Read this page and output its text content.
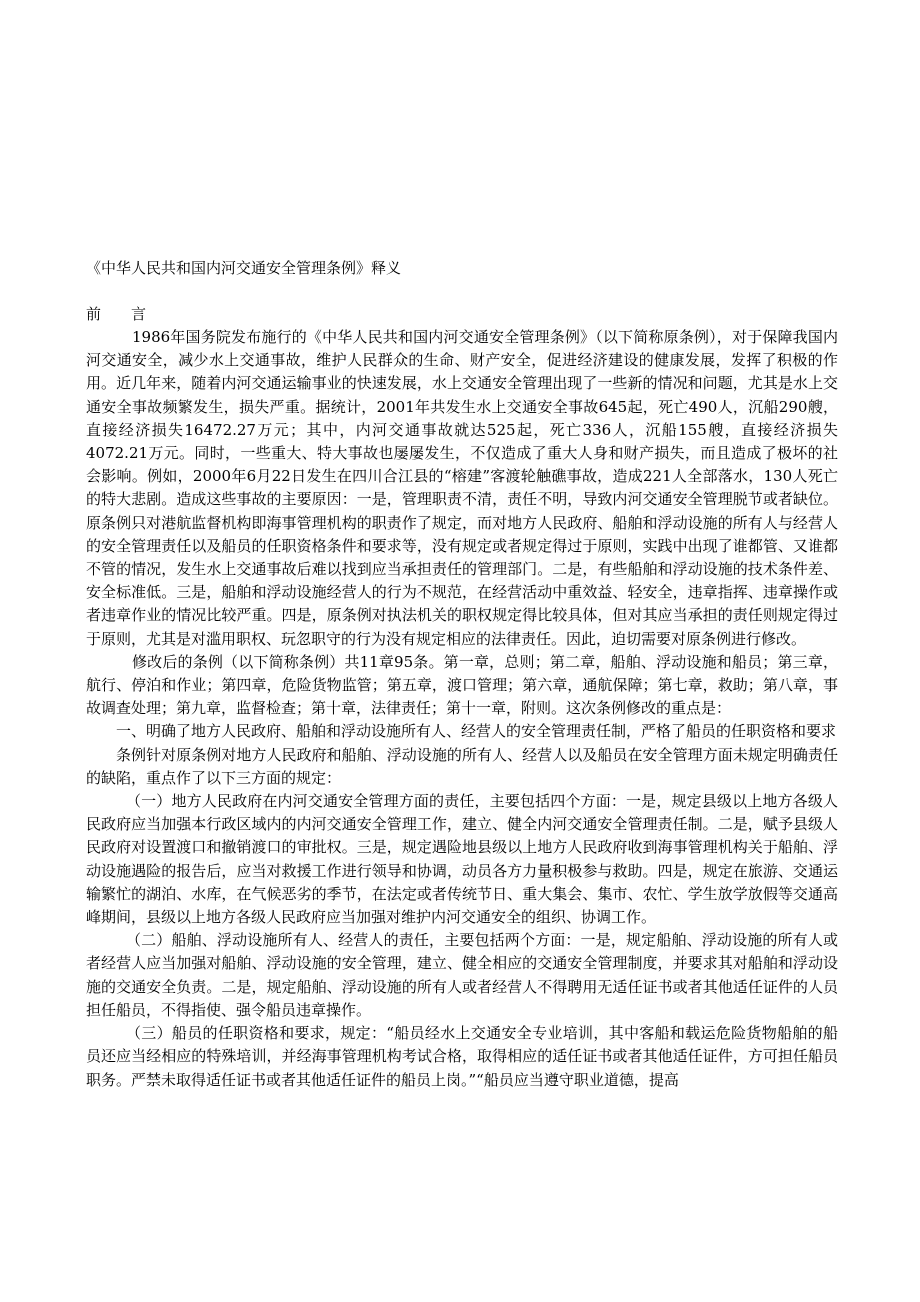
《中华人民共和国内河交通安全管理条例》释义
前 言

1986年国务院发布施行的《中华人民共和国内河交通安全管理条例》（以下简称原条例），对于保障我国内河交通安全，减少水上交通事故，维护人民群众的生命、财产安全，促进经济建设的健康发展，发挥了积极的作用。近几年来，随着内河交通运输事业的快速发展，水上交通安全管理出现了一些新的情况和问题，尤其是水上交通安全事故频繁发生，损失严重。据统计，2001年共发生水上交通安全事故645起，死亡490人，沉船290艘，直接经济损失16472.27万元；其中，内河交通事故就达525起，死亡336人，沉船155艘，直接经济损失4072.21万元。同时，一些重大、特大事故也屡屡发生，不仅造成了重大人身和财产损失，而且造成了极坏的社会影响。例如，2000年6月22日发生在四川合江县的“榕建”客渡轮触礁事故，造成221人全部落水，130人死亡的特大悲剧。造成这些事故的主要原因：一是，管理职责不清，责任不明，导致内河交通安全管理脱节或者缺位。原条例只对港航监督机构即海事管理机构的职责作了规定，而对地方人民政府、船舶和浮动设施的所有人与经营人的安全管理责任以及船员的任职资格条件和要求等，没有规定或者规定得过于原则，实践中出现了谁都管、又谁都不管的情况，发生水上交通事故后难以找到应当承担责任的管理部门。二是，有些船舶和浮动设施的技术条件差、安全标准低。三是，船舶和浮动设施经营人的行为不规范，在经营活动中重效益、轻安全，违章指挥、违章操作或者违章作业的情况比较严重。四是，原条例对执法机关的职权规定得比较具体，但对其应当承担的责任则规定得过于原则，尤其是对滥用职权、玩忽职守的行为没有规定相应的法律责任。因此，迫切需要对原条例进行修改。

修改后的条例（以下简称条例）共11章95条。第一章，总则；第二章，船舶、浮动设施和船员；第三章，航行、停泊和作业；第四章，危险货物监管；第五章，渡口管理；第六章，通航保障；第七章，救助；第八章，事故调查处理；第九章，监督检查；第十章，法律责任；第十一章，附则。这次条例修改的重点是：

一、明确了地方人民政府、船舶和浮动设施所有人、经营人的安全管理责任制，严格了船员的任职资格和要求

条例针对原条例对地方人民政府和船舶、浮动设施的所有人、经营人以及船员在安全管理方面未规定明确责任的缺陷，重点作了以下三方面的规定：

（一）地方人民政府在内河交通安全管理方面的责任，主要包括四个方面：一是，规定县级以上地方各级人民政府应当加强本行政区域内的内河交通安全管理工作，建立、健全内河交通安全管理责任制。二是，赋予县级人民政府对设置渡口和撤销渡口的审批权。三是，规定遇险地县级以上地方人民政府收到海事管理机构关于船舶、浮动设施遇险的报告后，应当对救援工作进行领导和协调，动员各方力量积极参与救助。四是，规定在旅游、交通运输繁忙的湖泊、水库，在气候恶劣的季节，在法定或者传统节日、重大集会、集市、农忙、学生放学放假等交通高峰期间，县级以上地方各级人民政府应当加强对维护内河交通安全的组织、协调工作。

（二）船舶、浮动设施所有人、经营人的责任，主要包括两个方面：一是，规定船舶、浮动设施的所有人或者经营人应当加强对船舶、浮动设施的安全管理，建立、健全相应的交通安全管理制度，并要求其对船舶和浮动设施的交通安全负责。二是，规定船舶、浮动设施的所有人或者经营人不得聘用无适任证书或者其他适任证件的人员担任船员，不得指使、强令船员违章操作。

（三）船员的任职资格和要求，规定：“船员经水上交通安全专业培训，其中客船和载运危险货物船舶的船员还应当经相应的特殊培训，并经海事管理机构考试合格，取得相应的适任证书或者其他适任证件，方可担任船员职务。严禁未取得适任证书或者其他适任证件的船员上岗。”“船员应当遵守职业道德，提高
